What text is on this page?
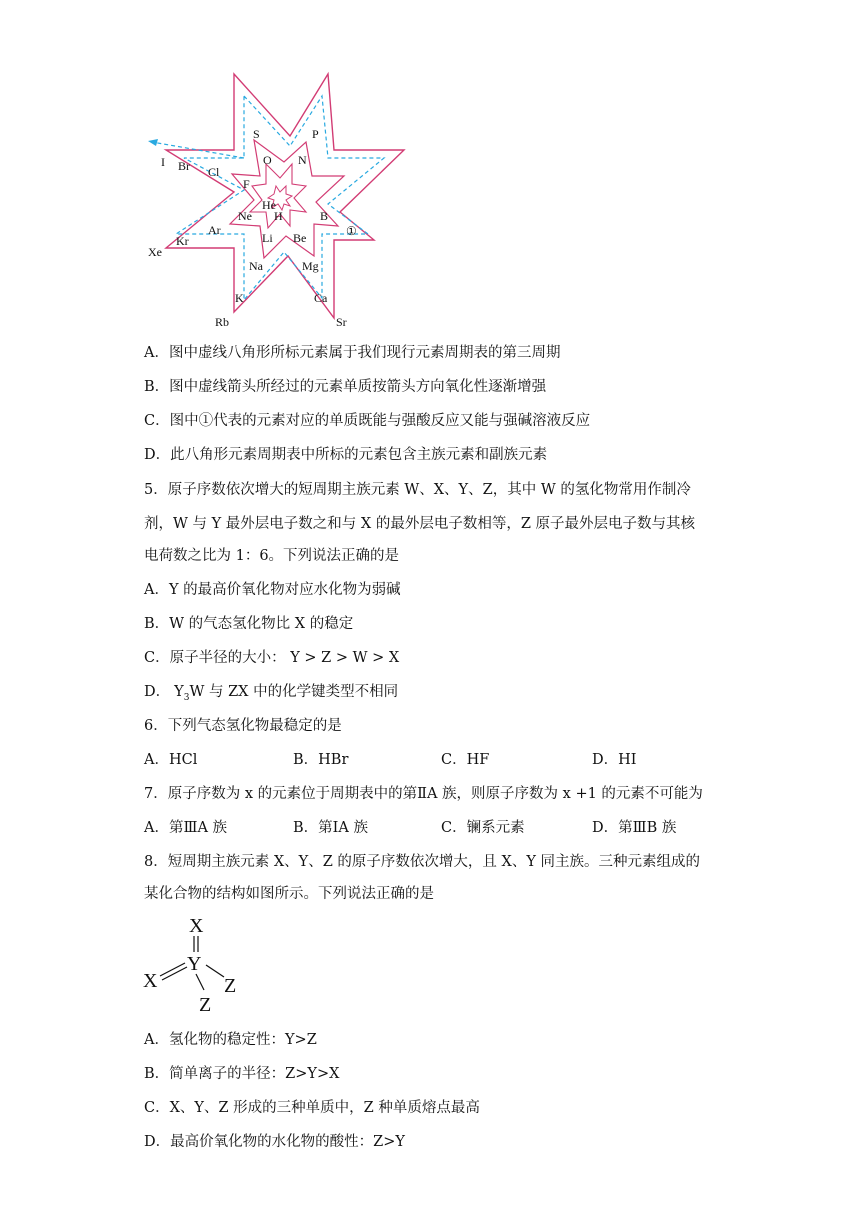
S	P
I Br	O N
Cl
F
He
H
Ne	B
Ar	①
Kr	Li Be
Xe
Na	Mg
K	Ca
Rb	Sr
A．图中虚线八角形所标元素属于我们现行元素周期表的第三周期
B．图中虚线箭头所经过的元素单质按箭头方向氧化性逐渐增强
C．图中①代表的元素对应的单质既能与强酸反应又能与强碱溶液反应
D．此八角形元素周期表中所标的元素包含主族元素和副族元素
5．原子序数依次增大的短周期主族元素 W、X、Y、Z，其中 W 的氢化物常用作制冷
剂，W 与 Y 最外层电子数之和与 X 的最外层电子数相等，Z 原子最外层电子数与其核
电荷数之比为 1：6。下列说法正确的是
A．Y 的最高价氧化物对应水化物为弱碱
B．W 的气态氢化物比 X 的稳定
C．原子半径的大小： Y > Z > W > X
D． $Y_3W$ 与 ZX 中的化学键类型不相同
6．下列气态氢化物最稳定的是
A．HCl	B．HBr	C．HF	D．HI
7．原子序数为 x 的元素位于周期表中的第ⅡA 族，则原子序数为 x +1 的元素不可能为
A．第ⅢA 族	B．第ⅠA 族	C．镧系元素	D．第ⅢB 族
8．短周期主族元素 X、Y、Z 的原子序数依次增大，且 X、Y 同主族。三种元素组成的
某化合物的结构如图所示。下列说法正确的是
X
Y
X	Z
Z
A．氢化物的稳定性：Y>Z
B．简单离子的半径：Z>Y>X
C．X、Y、Z 形成的三种单质中，Z 种单质熔点最高
D．最高价氧化物的水化物的酸性：Z>Y
